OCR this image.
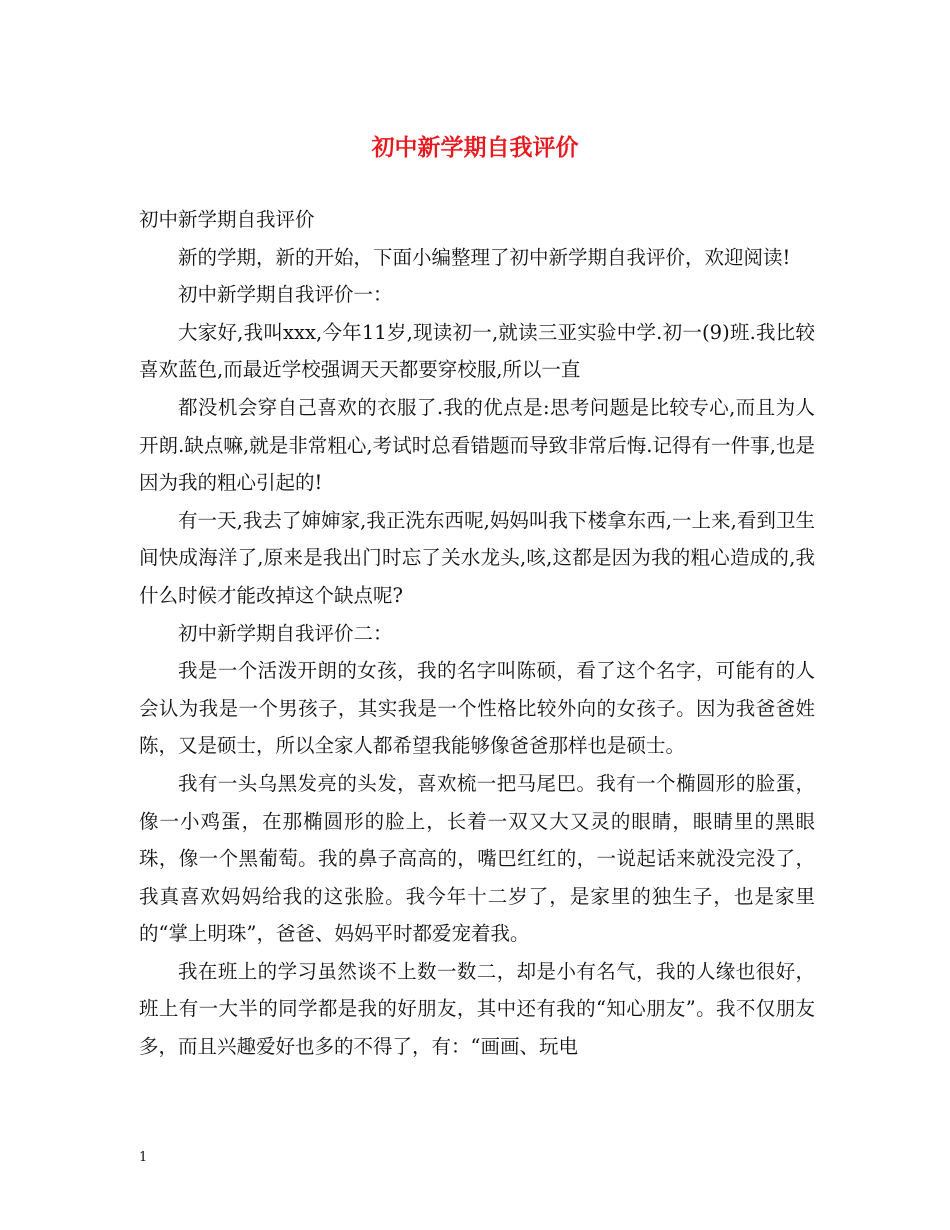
初中新学期自我评价

初中新学期自我评价

新的学期，新的开始，下面小编整理了初中新学期自我评价，欢迎阅读!

初中新学期自我评价一：

大家好,我叫xxx,今年11岁,现读初一,就读三亚实验中学.初一(9)班.我比较喜欢蓝色,而最近学校强调天天都要穿校服,所以一直

都没机会穿自己喜欢的衣服了.我的优点是:思考问题是比较专心,而且为人开朗.缺点嘛,就是非常粗心,考试时总看错题而导致非常后悔.记得有一件事,也是因为我的粗心引起的!

有一天,我去了婶婶家,我正洗东西呢,妈妈叫我下楼拿东西,一上来,看到卫生间快成海洋了,原来是我出门时忘了关水龙头,咳,这都是因为我的粗心造成的,我什么时候才能改掉这个缺点呢?

初中新学期自我评价二：

我是一个活泼开朗的女孩，我的名字叫陈硕，看了这个名字，可能有的人会认为我是一个男孩子，其实我是一个性格比较外向的女孩子。因为我爸爸姓陈，又是硕士，所以全家人都希望我能够像爸爸那样也是硕士。

我有一头乌黑发亮的头发，喜欢梳一把马尾巴。我有一个椭圆形的脸蛋，像一小鸡蛋，在那椭圆形的脸上，长着一双又大又灵的眼睛，眼睛里的黑眼珠，像一个黑葡萄。我的鼻子高高的，嘴巴红红的，一说起话来就没完没了，我真喜欢妈妈给我的这张脸。我今年十二岁了，是家里的独生子，也是家里的“掌上明珠”，爸爸、妈妈平时都爱宠着我。

我在班上的学习虽然谈不上数一数二，却是小有名气，我的人缘也很好，班上有一大半的同学都是我的好朋友，其中还有我的“知心朋友”。我不仅朋友多，而且兴趣爱好也多的不得了，有：“画画、玩电

1
